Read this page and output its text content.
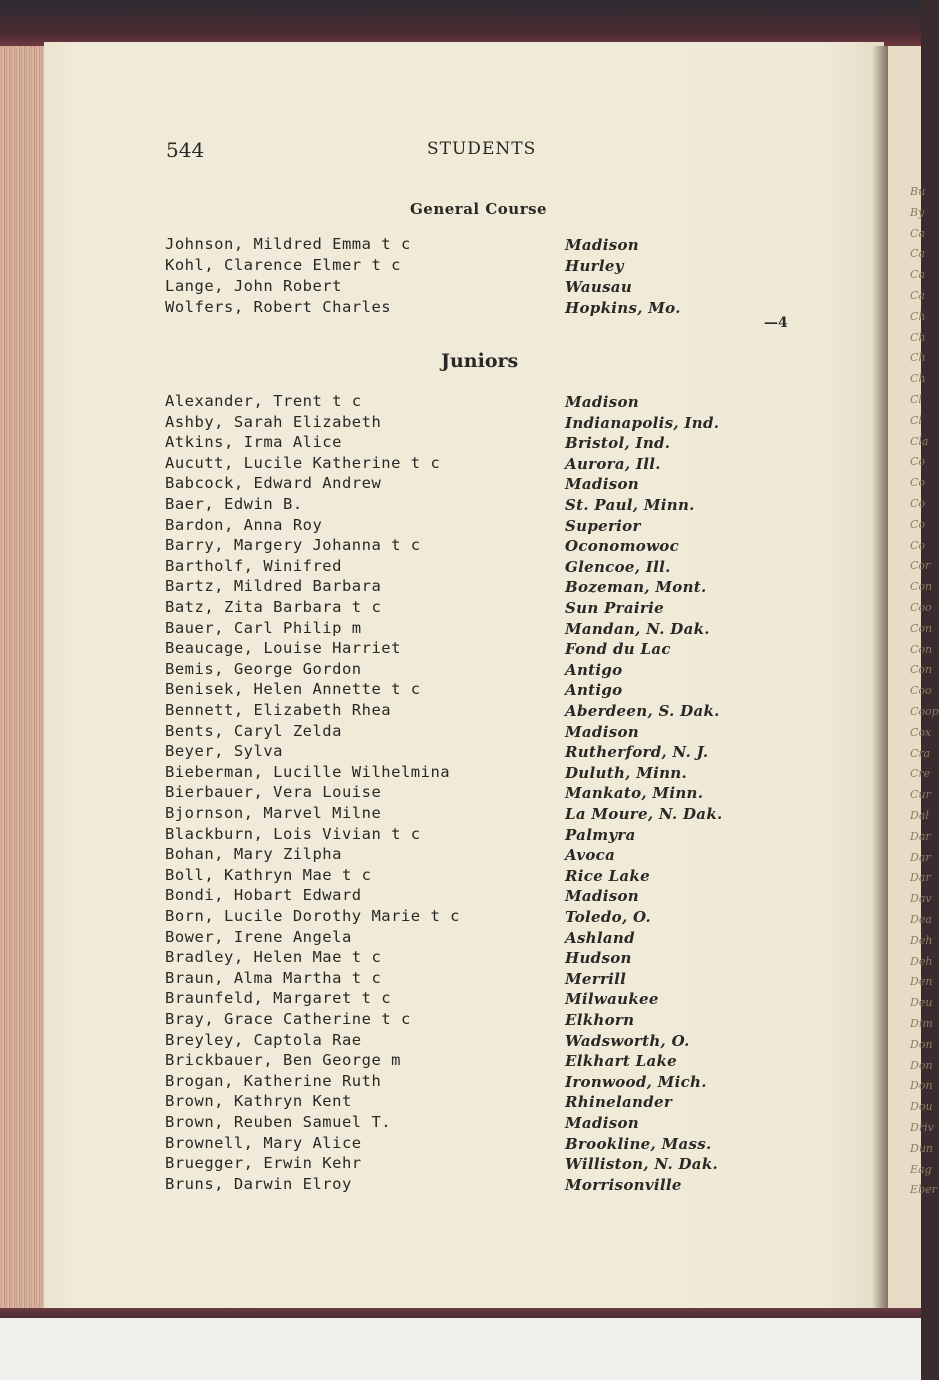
Bu
By
Ca
Ca
Ca
Ca
Ch
Ch
Ch
Ch
Cl
Cl
Cla
Co
Co
Co
Co
Co
Cor
Con
Coo
Con
Con
Con
Coo
Coop
Cox
Cra
Cre
Cur
Dal
Dar
Dar
Dar
Dav
Dea
Deh
Deh
Den
Deu
Dim
Don
Don
Don
Dou
Driv
Dun
Eag
Eber
544	STUDENTS
General Course
Johnson, Mildred Emma t c	Madison
Kohl, Clarence Elmer t c	Hurley
Lange, John Robert	Wausau
Wolfers, Robert Charles	Hopkins, Mo.
—4
Juniors
Alexander, Trent t c	Madison
Ashby, Sarah Elizabeth	Indianapolis, Ind.
Atkins, Irma Alice	Bristol, Ind.
Aucutt, Lucile Katherine t c	Aurora, Ill.
Babcock, Edward Andrew	Madison
Baer, Edwin B.	St. Paul, Minn.
Bardon, Anna Roy	Superior
Barry, Margery Johanna t c	Oconomowoc
Bartholf, Winifred	Glencoe, Ill.
Bartz, Mildred Barbara	Bozeman, Mont.
Batz, Zita Barbara t c	Sun Prairie
Bauer, Carl Philip m	Mandan, N. Dak.
Beaucage, Louise Harriet	Fond du Lac
Bemis, George Gordon	Antigo
Benisek, Helen Annette t c	Antigo
Bennett, Elizabeth Rhea	Aberdeen, S. Dak.
Bents, Caryl Zelda	Madison
Beyer, Sylva	Rutherford, N. J.
Bieberman, Lucille Wilhelmina	Duluth, Minn.
Bierbauer, Vera Louise	Mankato, Minn.
Bjornson, Marvel Milne	La Moure, N. Dak.
Blackburn, Lois Vivian t c	Palmyra
Bohan, Mary Zilpha	Avoca
Boll, Kathryn Mae t c	Rice Lake
Bondi, Hobart Edward	Madison
Born, Lucile Dorothy Marie t c	Toledo, O.
Bower, Irene Angela	Ashland
Bradley, Helen Mae t c	Hudson
Braun, Alma Martha t c	Merrill
Braunfeld, Margaret t c	Milwaukee
Bray, Grace Catherine t c	Elkhorn
Breyley, Captola Rae	Wadsworth, O.
Brickbauer, Ben George m	Elkhart Lake
Brogan, Katherine Ruth	Ironwood, Mich.
Brown, Kathryn Kent	Rhinelander
Brown, Reuben Samuel T.	Madison
Brownell, Mary Alice	Brookline, Mass.
Bruegger, Erwin Kehr	Williston, N. Dak.
Bruns, Darwin Elroy	Morrisonville
